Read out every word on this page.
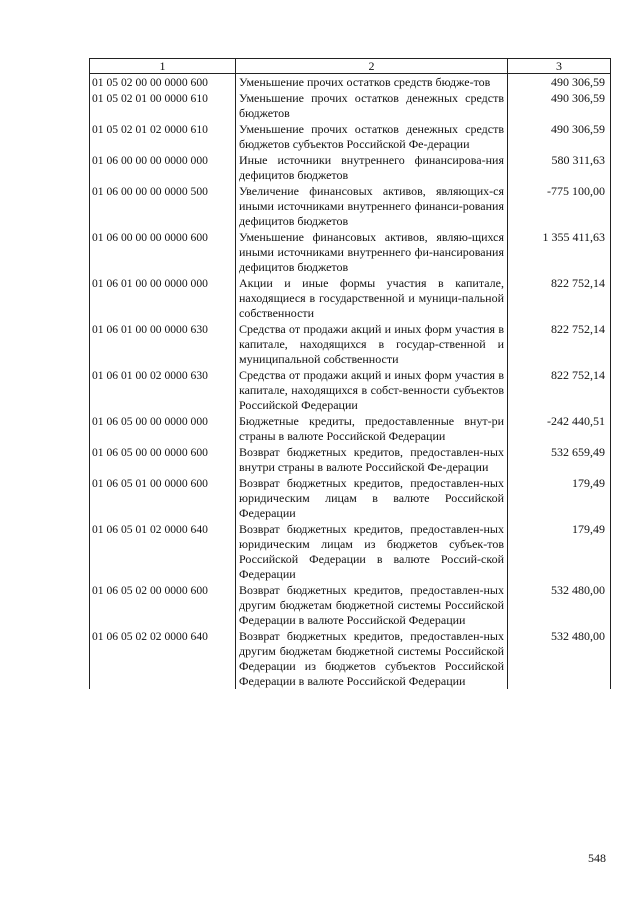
1	2	3
01 05 02 00 00 0000 600	Уменьшение прочих остатков средств бюдже-тов	490 306,59
01 05 02 01 00 0000 610	Уменьшение прочих остатков денежных средств бюджетов	490 306,59
01 05 02 01 02 0000 610	Уменьшение прочих остатков денежных средств бюджетов субъектов Российской Фе-дерации	490 306,59
01 06 00 00 00 0000 000	Иные источники внутреннего финансирова-ния дефицитов бюджетов	580 311,63
01 06 00 00 00 0000 500	Увеличение финансовых активов, являющих-ся иными источниками внутреннего финанси-рования дефицитов бюджетов	-775 100,00
01 06 00 00 00 0000 600	Уменьшение финансовых активов, являю-щихся иными источниками внутреннего фи-нансирования дефицитов бюджетов	1 355 411,63
01 06 01 00 00 0000 000	Акции и иные формы участия в капитале, находящиеся в государственной и муници-пальной собственности	822 752,14
01 06 01 00 00 0000 630	Средства от продажи акций и иных форм участия в капитале, находящихся в государ-ственной и муниципальной собственности	822 752,14
01 06 01 00 02 0000 630	Средства от продажи акций и иных форм участия в капитале, находящихся в собст-венности субъектов Российской Федерации	822 752,14
01 06 05 00 00 0000 000	Бюджетные кредиты, предоставленные внут-ри страны в валюте Российской Федерации	-242 440,51
01 06 05 00 00 0000 600	Возврат бюджетных кредитов, предоставлен-ных внутри страны в валюте Российской Фе-дерации	532 659,49
01 06 05 01 00 0000 600	Возврат бюджетных кредитов, предоставлен-ных юридическим лицам в валюте Российской Федерации	179,49
01 06 05 01 02 0000 640	Возврат бюджетных кредитов, предоставлен-ных юридическим лицам из бюджетов субъек-тов Российской Федерации в валюте Россий-ской Федерации	179,49
01 06 05 02 00 0000 600	Возврат бюджетных кредитов, предоставлен-ных другим бюджетам бюджетной системы Российской Федерации в валюте Российской Федерации	532 480,00
01 06 05 02 02 0000 640	Возврат бюджетных кредитов, предоставлен-ных другим бюджетам бюджетной системы Российской Федерации из бюджетов субъектов Российской Федерации в валюте Российской Федерации	532 480,00
548
